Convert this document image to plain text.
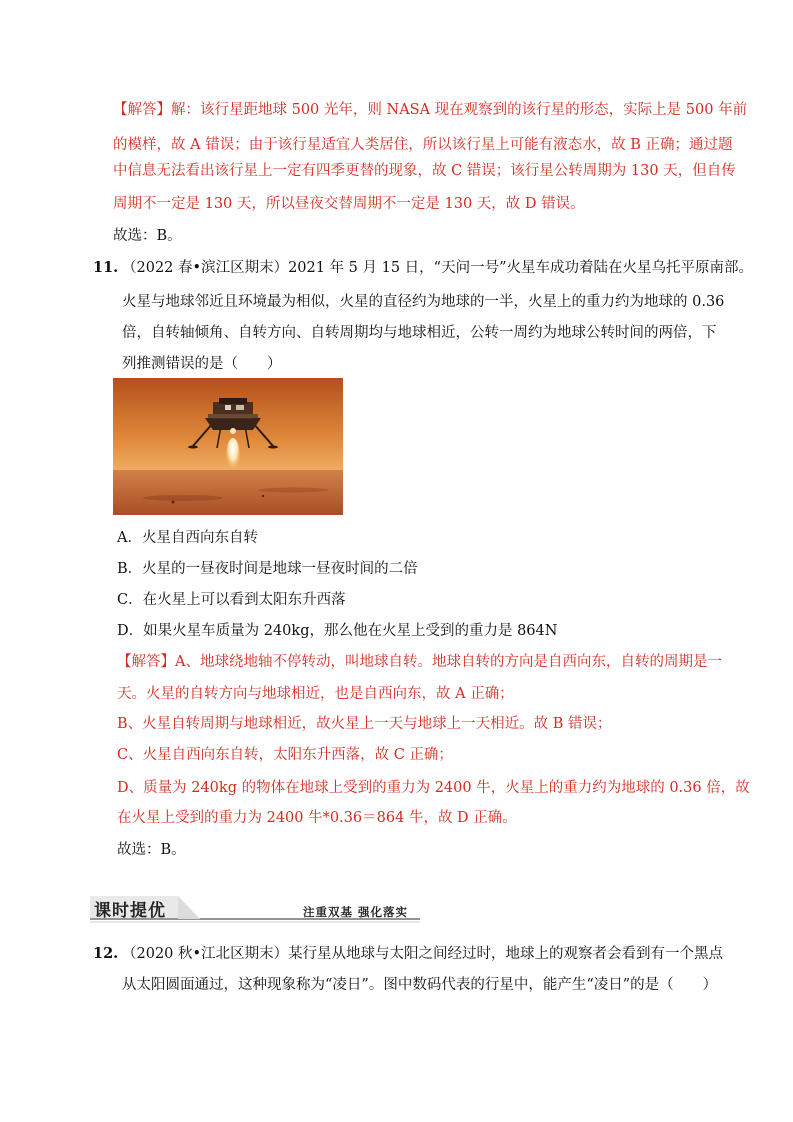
【解答】解：该行星距地球 500 光年，则 NASA 现在观察到的该行星的形态，实际上是 500 年前
的模样，故 A 错误；由于该行星适宜人类居住，所以该行星上可能有液态水，故 B 正确；通过题
中信息无法看出该行星上一定有四季更替的现象，故 C 错误；该行星公转周期为 130 天，但自传
周期不一定是 130 天，所以昼夜交替周期不一定是 130 天，故 D 错误。
故选：B。
11. （2022 春•滨江区期末）2021 年 5 月 15 日，“天问一号”火星车成功着陆在火星乌托平原南部。
火星与地球邻近且环境最为相似，火星的直径约为地球的一半，火星上的重力约为地球的 0.36
倍，自转轴倾角、自转方向、自转周期均与地球相近，公转一周约为地球公转时间的两倍，下
列推测错误的是（　　）
A．火星自西向东自转
B．火星的一昼夜时间是地球一昼夜时间的二倍
C．在火星上可以看到太阳东升西落
D．如果火星车质量为 240kg，那么他在火星上受到的重力是 864N
【解答】A、地球绕地轴不停转动，叫地球自转。地球自转的方向是自西向东，自转的周期是一
天。火星的自转方向与地球相近，也是自西向东，故 A 正确；
B、火星自转周期与地球相近，故火星上一天与地球上一天相近。故 B 错误；
C、火星自西向东自转，太阳东升西落，故 C 正确；
D、质量为 240kg 的物体在地球上受到的重力为 2400 牛，火星上的重力约为地球的 0.36 倍，故
在火星上受到的重力为 2400 牛*0.36＝864 牛，故 D 正确。
故选：B。
课时提优	注重双基 强化落实
12. （2020 秋•江北区期末）某行星从地球与太阳之间经过时，地球上的观察者会看到有一个黑点
从太阳圆面通过，这种现象称为“凌日”。图中数码代表的行星中，能产生“凌日”的是（　　）
